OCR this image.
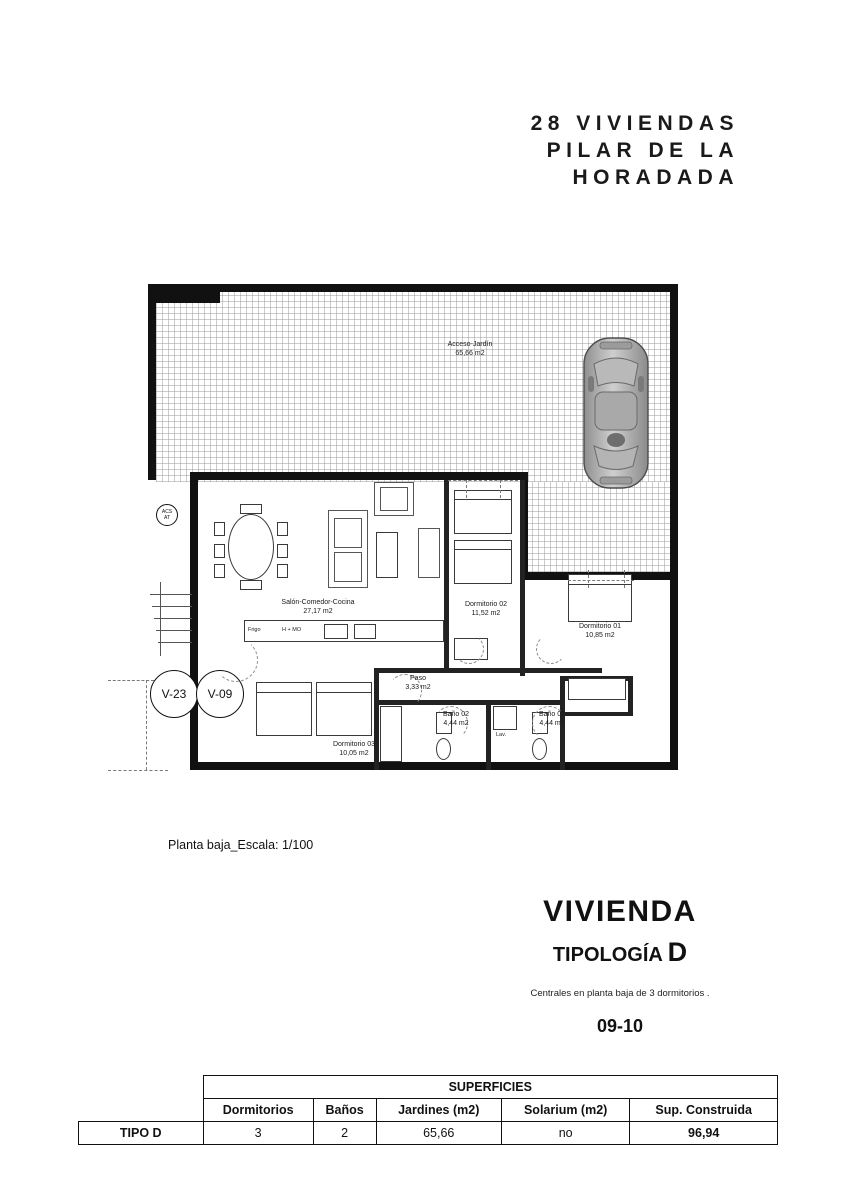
28 VIVIENDAS
PILAR DE LA
HORADADA
ACS
AT
V-23	V-09
Frigo	H + MO
Lav.
Acceso-Jardín
65,66 m2
Salón-Comedor-Cocina
27,17 m2
Dormitorio 02
11,52 m2
Dormitorio 01
10,85 m2
Dormitorio 03
10,05 m2
Paso
3,33 m2
Baño 02
4,44 m2
Baño 01
4,44 m2
Planta baja_Escala: 1/100
VIVIENDA
TIPOLOGÍA D
Centrales en planta baja de 3 dormitorios .
09-10
	SUPERFICIES				
	Dormitorios	Baños	Jardines (m2)	Solarium (m2)	Sup. Construida
TIPO D	3	2	65,66	no	96,94
